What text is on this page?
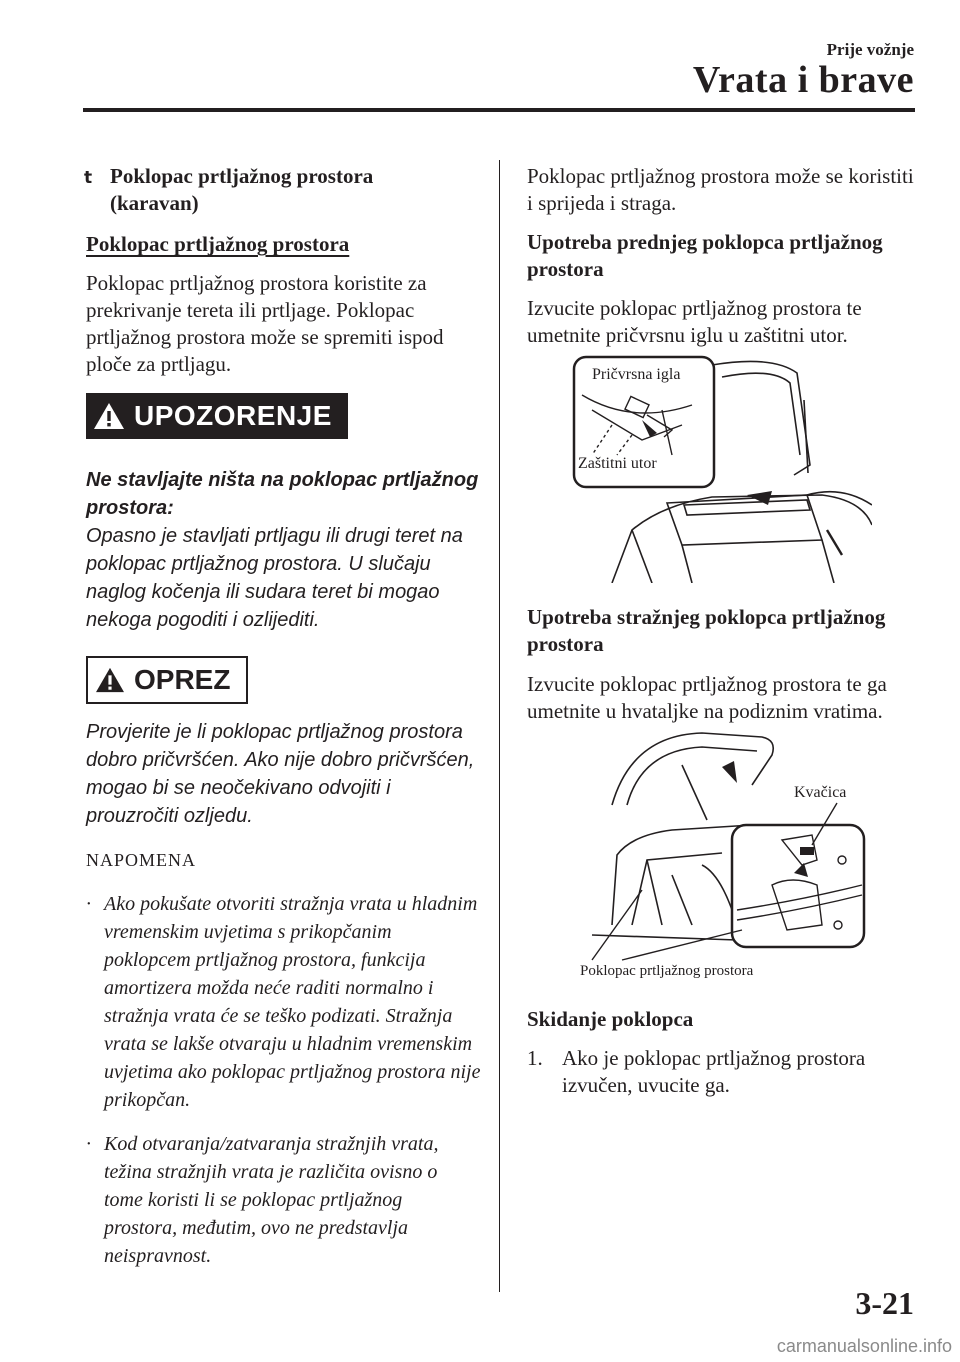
Prije vožnje
Vrata i brave
t Poklopac prtljažnog prostora
(karavan)
Poklopac prtljažnog prostora
Poklopac prtljažnog prostora koristite za prekrivanje tereta ili prtljage. Poklopac prtljažnog prostora može se spremiti ispod ploče za prtljagu.
UPOZORENJE
Ne stavljajte ništa na poklopac prtljažnog prostora:
Opasno je stavljati prtljagu ili drugi teret na poklopac prtljažnog prostora. U slučaju naglog kočenja ili sudara teret bi mogao nekoga pogoditi i ozlijediti.
OPREZ
Provjerite je li poklopac prtljažnog prostora dobro pričvršćen. Ako nije dobro pričvršćen, mogao bi se neočekivano odvojiti i prouzročiti ozljedu.
NAPOMENA
· Ako pokušate otvoriti stražnja vrata u hladnim vremenskim uvjetima s prikopčanim poklopcem prtljažnog prostora, funkcija amortizera možda neće raditi normalno i stražnja vrata će se teško podizati. Stražnja vrata se lakše otvaraju u hladnim vremenskim uvjetima ako poklopac prtljažnog prostora nije prikopčan.
· Kod otvaranja/zatvaranja stražnjih vrata, težina stražnjih vrata je različita ovisno o tome koristi li se poklopac prtljažnog prostora, međutim, ovo ne predstavlja neispravnost.
Poklopac prtljažnog prostora može se koristiti i sprijeda i straga.
Upotreba prednjeg poklopca prtljažnog prostora
Izvucite poklopac prtljažnog prostora te umetnite pričvrsnu iglu u zaštitni utor.
Pričvrsna igla
Zaštitni utor
Upotreba stražnjeg poklopca prtljažnog prostora
Izvucite poklopac prtljažnog prostora te ga umetnite u hvataljke na podiznim vratima.
Kvačica
Poklopac prtljažnog prostora
Skidanje poklopca
1. Ako je poklopac prtljažnog prostora izvučen, uvucite ga.
3-21
carmanualsonline.info
